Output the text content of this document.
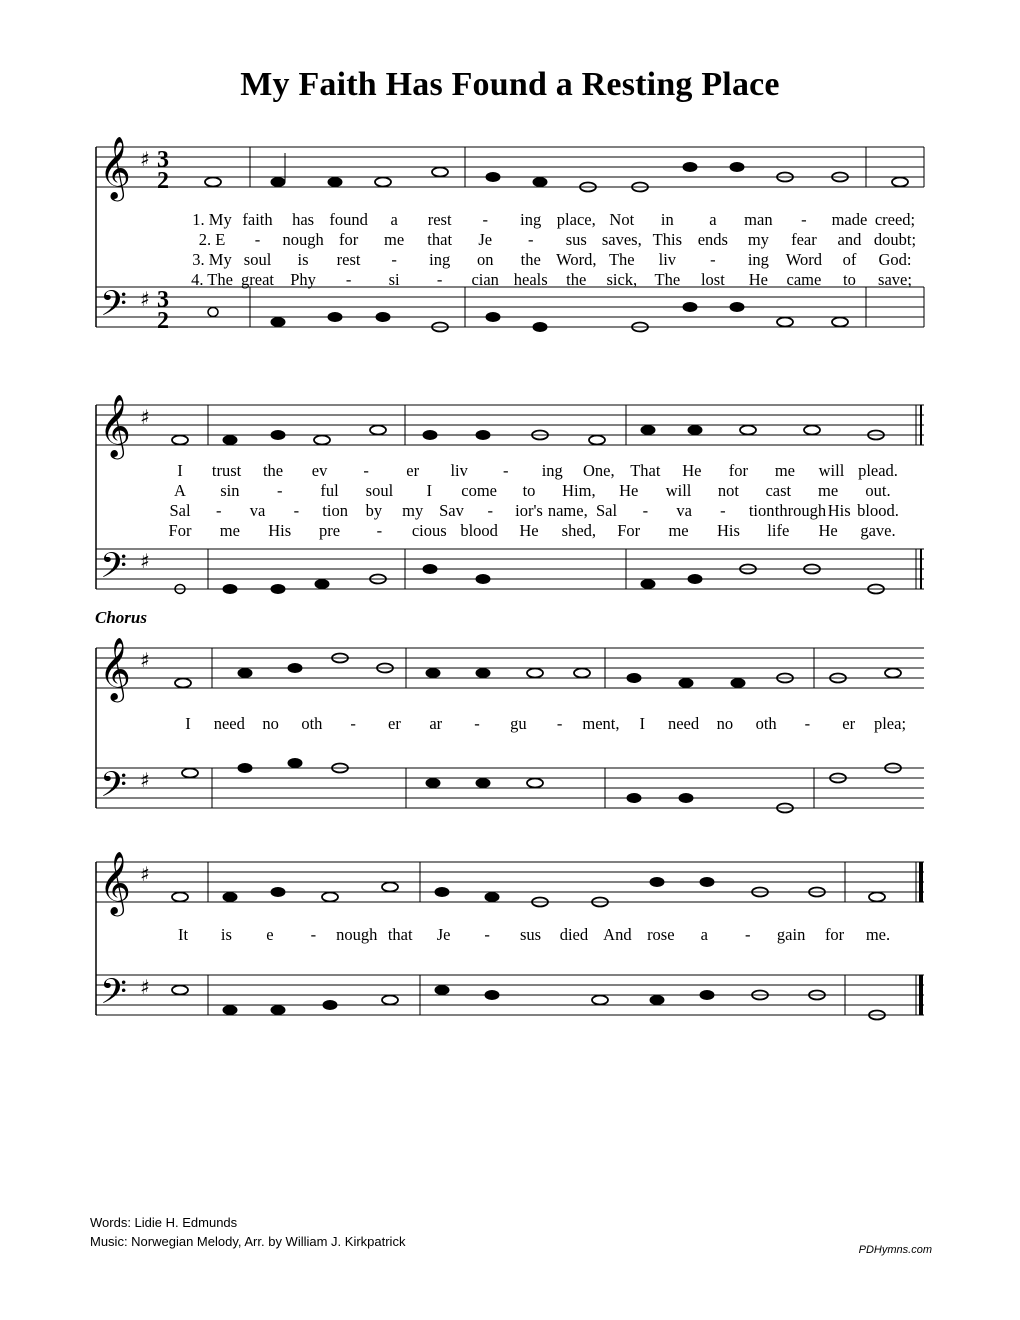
My Faith Has Found a Resting Place
𝄞
𝄢
♯
♯
3
2
3
2
1. My faith has found a rest - ing place, Not in a man - made creed;
2. E - nough for me that Je - sus saves, This ends my fear and doubt;
3. My soul is rest - ing on the Word, The liv - ing Word of God:
4. The great Phy - si - cian heals the sick, The lost He came to save;
𝄞
𝄢
♯
♯
I trust the ev - er liv - ing One, That He for me will plead.
A sin - ful soul I come to Him, He will not cast me out.
Sal - va - tion by my Sav - ior's name, Sal - va - tion through His blood.
For me His pre - cious blood He shed, For me His life He gave.
Chorus
𝄞
𝄢
♯
♯
I need no oth - er ar - gu - ment, I need no oth - er plea;
𝄞
𝄢
♯
♯
It is e - nough that Je - sus died And rose a - gain for me.
Words: Lidie H. Edmunds
Music: Norwegian Melody, Arr. by William J. Kirkpatrick
PDHymns.com
